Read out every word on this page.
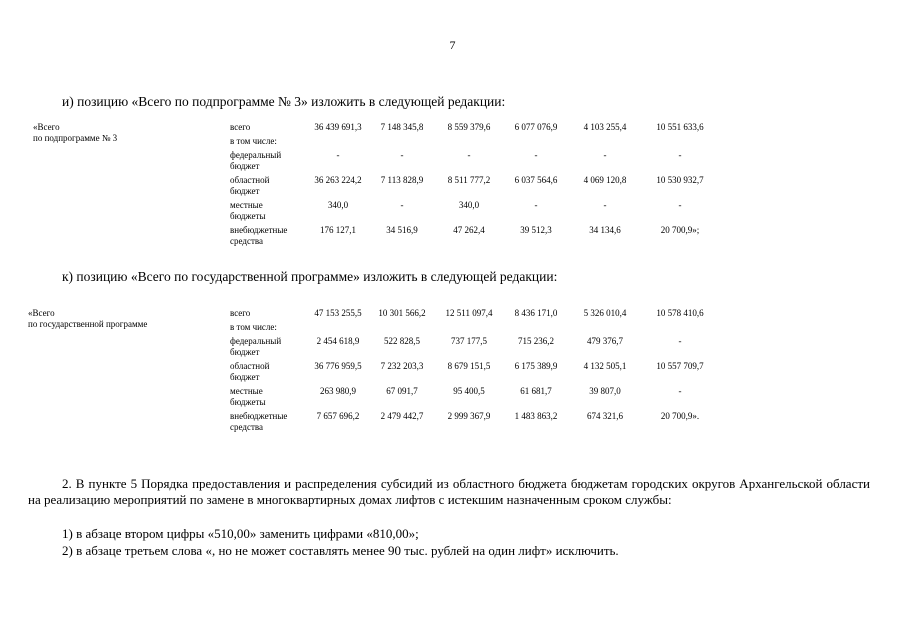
7
и) позицию «Всего по подпрограмме № 3» изложить в следующей редакции:
«Всего
по подпрограмме № 3
всего	36 439 691,3	7 148 345,8	8 559 379,6	6 077 076,9	4 103 255,4	10 551 633,6
в том числе:
федеральный
бюджет
-	-	-	-	-	-
областной
бюджет
36 263 224,2	7 113 828,9	8 511 777,2	6 037 564,6	4 069 120,8	10 530 932,7
местные
бюджеты
340,0	-	340,0	-	-	-
внебюджетные
средства
176 127,1	34 516,9	47 262,4	39 512,3	34 134,6	20 700,9»;
к) позицию «Всего по государственной программе» изложить в следующей редакции:
«Всего
по государственной программе
всего	47 153 255,5	10 301 566,2	12 511 097,4	8 436 171,0	5 326 010,4	10 578 410,6
в том числе:
федеральный
бюджет
2 454 618,9	522 828,5	737 177,5	715 236,2	479 376,7	-
областной
бюджет
36 776 959,5	7 232 203,3	8 679 151,5	6 175 389,9	4 132 505,1	10 557 709,7
местные
бюджеты
263 980,9	67 091,7	95 400,5	61 681,7	39 807,0	-
внебюджетные
средства
7 657 696,2	2 479 442,7	2 999 367,9	1 483 863,2	674 321,6	20 700,9».

2. В пункте 5 Порядка предоставления и распределения субсидий из областного бюджета бюджетам городских округов Архангельской области на реализацию мероприятий по замене в многоквартирных домах лифтов с истекшим назначенным сроком службы:

1) в абзаце втором цифры «510,00» заменить цифрами «810,00»;
2) в абзаце третьем слова «, но не может составлять менее 90 тыс. рублей на один лифт» исключить.
